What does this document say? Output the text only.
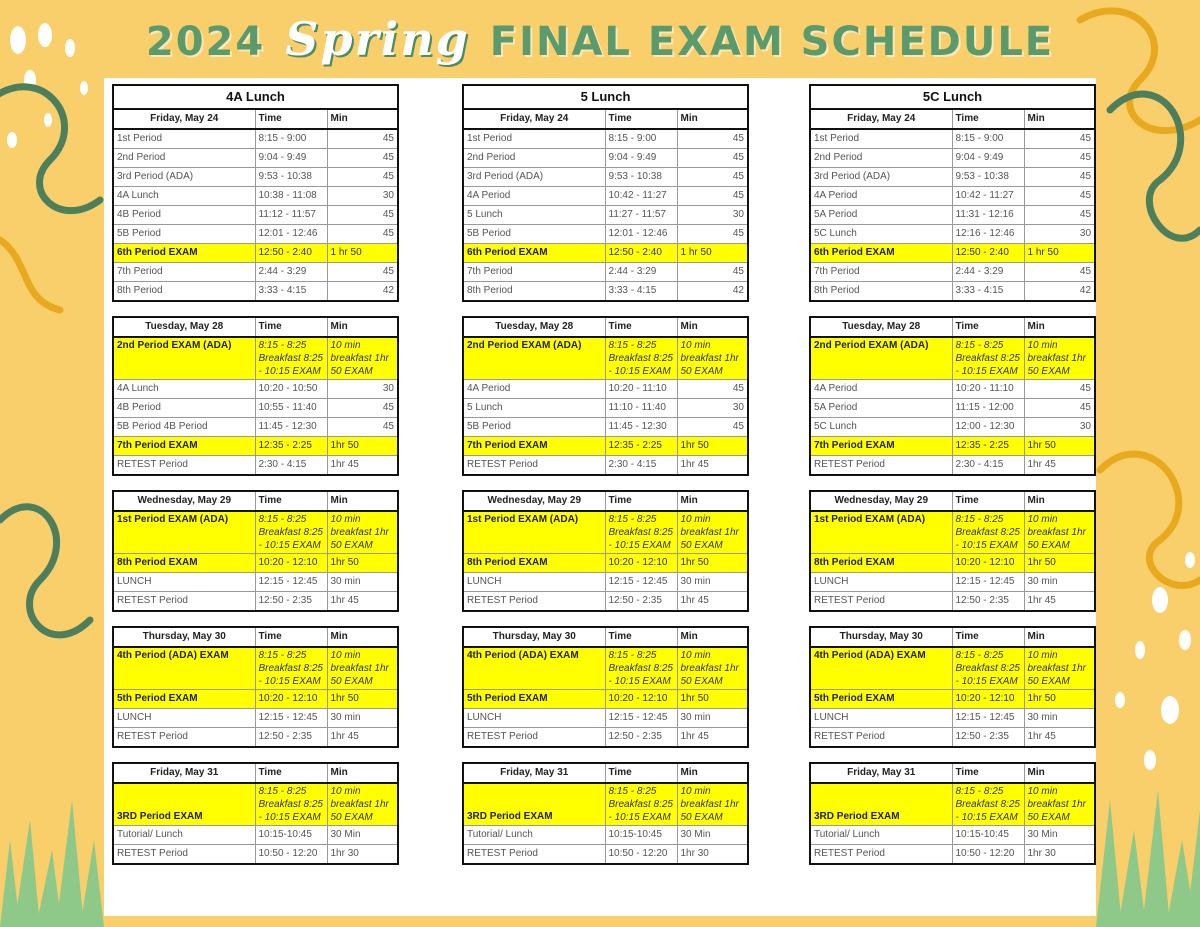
2024 Spring FINAL EXAM SCHEDULE
4A Lunch		
Friday, May 24	Time	Min
1st Period	8:15 - 9:00	45
2nd Period	9:04 - 9:49	45
3rd Period (ADA)	9:53 - 10:38	45
4A Lunch	10:38 - 11:08	30
4B Period	11:12 - 11:57	45
5B Period	12:01 - 12:46	45
6th Period EXAM	12:50 - 2:40	1 hr 50
7th Period	2:44 - 3:29	45
8th Period	3:33 - 4:15	42
Tuesday, May 28	Time	Min
2nd Period EXAM (ADA)	8:15 - 8:25 Breakfast 8:25 - 10:15 EXAM	10 min breakfast 1hr 50 EXAM
4A Lunch	10:20 - 10:50	30
4B Period	10:55 - 11:40	45
5B Period 4B Period	11:45 - 12:30	45
7th Period EXAM	12:35 - 2:25	1hr 50
RETEST Period	2:30 - 4:15	1hr 45
Wednesday, May 29	Time	Min
1st Period EXAM (ADA)	8:15 - 8:25 Breakfast 8:25 - 10:15 EXAM	10 min breakfast 1hr 50 EXAM
8th Period EXAM	10:20 - 12:10	1hr 50
LUNCH	12:15 - 12:45	30 min
RETEST Period	12:50 - 2:35	1hr 45
Thursday, May 30	Time	Min
4th Period (ADA) EXAM	8:15 - 8:25 Breakfast 8:25 - 10:15 EXAM	10 min breakfast 1hr 50 EXAM
5th Period EXAM	10:20 - 12:10	1hr 50
LUNCH	12:15 - 12:45	30 min
RETEST Period	12:50 - 2:35	1hr 45
Friday, May 31	Time	Min
3RD Period EXAM	8:15 - 8:25 Breakfast 8:25 - 10:15 EXAM	10 min breakfast 1hr 50 EXAM
Tutorial/ Lunch	10:15-10:45	30 Min
RETEST Period	10:50 - 12:20	1hr 30
5 Lunch		
Friday, May 24	Time	Min
1st Period	8:15 - 9:00	45
2nd Period	9:04 - 9:49	45
3rd Period (ADA)	9:53 - 10:38	45
4A Period	10:42 - 11:27	45
5 Lunch	11:27 - 11:57	30
5B Period	12:01 - 12:46	45
6th Period EXAM	12:50 - 2:40	1 hr 50
7th Period	2:44 - 3:29	45
8th Period	3:33 - 4:15	42
Tuesday, May 28	Time	Min
2nd Period EXAM (ADA)	8:15 - 8:25 Breakfast 8:25 - 10:15 EXAM	10 min breakfast 1hr 50 EXAM
4A Period	10:20 - 11:10	45
5 Lunch	11:10 - 11:40	30
5B Period	11:45 - 12:30	45
7th Period EXAM	12:35 - 2:25	1hr 50
RETEST Period	2:30 - 4:15	1hr 45
Wednesday, May 29	Time	Min
1st Period EXAM (ADA)	8:15 - 8:25 Breakfast 8:25 - 10:15 EXAM	10 min breakfast 1hr 50 EXAM
8th Period EXAM	10:20 - 12:10	1hr 50
LUNCH	12:15 - 12:45	30 min
RETEST Period	12:50 - 2:35	1hr 45
Thursday, May 30	Time	Min
4th Period (ADA) EXAM	8:15 - 8:25 Breakfast 8:25 - 10:15 EXAM	10 min breakfast 1hr 50 EXAM
5th Period EXAM	10:20 - 12:10	1hr 50
LUNCH	12:15 - 12:45	30 min
RETEST Period	12:50 - 2:35	1hr 45
Friday, May 31	Time	Min
3RD Period EXAM	8:15 - 8:25 Breakfast 8:25 - 10:15 EXAM	10 min breakfast 1hr 50 EXAM
Tutorial/ Lunch	10:15-10:45	30 Min
RETEST Period	10:50 - 12:20	1hr 30
5C Lunch		
Friday, May 24	Time	Min
1st Period	8:15 - 9:00	45
2nd Period	9:04 - 9:49	45
3rd Period (ADA)	9:53 - 10:38	45
4A Period	10:42 - 11:27	45
5A Period	11:31 - 12:16	45
5C Lunch	12:16 - 12:46	30
6th Period EXAM	12:50 - 2:40	1 hr 50
7th Period	2:44 - 3:29	45
8th Period	3:33 - 4:15	42
Tuesday, May 28	Time	Min
2nd Period EXAM (ADA)	8:15 - 8:25 Breakfast 8:25 - 10:15 EXAM	10 min breakfast 1hr 50 EXAM
4A Period	10:20 - 11:10	45
5A Period	11:15 - 12:00	45
5C Lunch	12:00 - 12:30	30
7th Period EXAM	12:35 - 2:25	1hr 50
RETEST Period	2:30 - 4:15	1hr 45
Wednesday, May 29	Time	Min
1st Period EXAM (ADA)	8:15 - 8:25 Breakfast 8:25 - 10:15 EXAM	10 min breakfast 1hr 50 EXAM
8th Period EXAM	10:20 - 12:10	1hr 50
LUNCH	12:15 - 12:45	30 min
RETEST Period	12:50 - 2:35	1hr 45
Thursday, May 30	Time	Min
4th Period (ADA) EXAM	8:15 - 8:25 Breakfast 8:25 - 10:15 EXAM	10 min breakfast 1hr 50 EXAM
5th Period EXAM	10:20 - 12:10	1hr 50
LUNCH	12:15 - 12:45	30 min
RETEST Period	12:50 - 2:35	1hr 45
Friday, May 31	Time	Min
3RD Period EXAM	8:15 - 8:25 Breakfast 8:25 - 10:15 EXAM	10 min breakfast 1hr 50 EXAM
Tutorial/ Lunch	10:15-10:45	30 Min
RETEST Period	10:50 - 12:20	1hr 30
